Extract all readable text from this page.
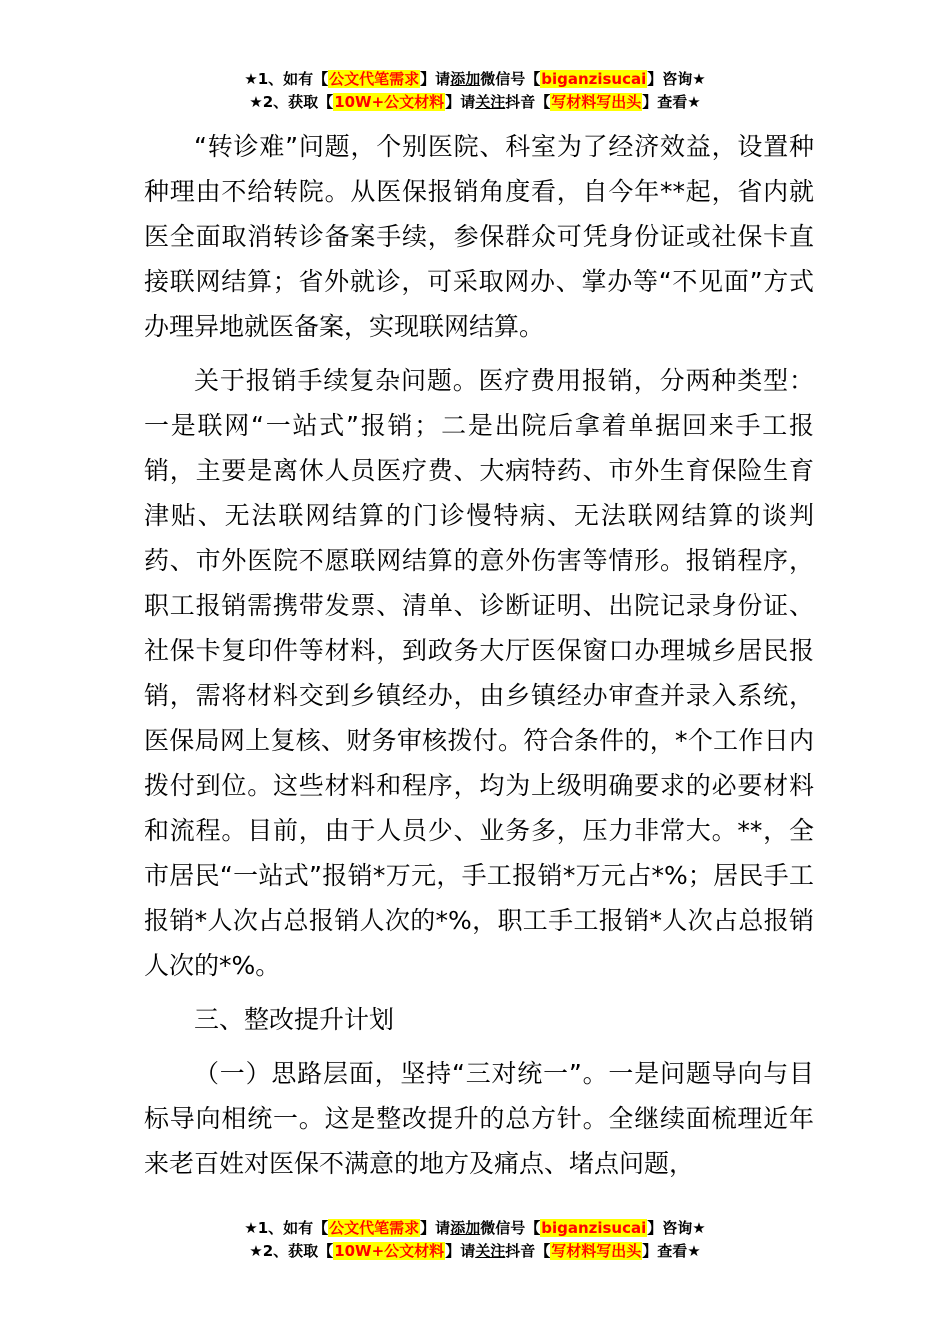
★1、如有【公文代笔需求】请添加微信号【biganzisucai】咨询★
★2、获取【10W+公文材料】请关注抖音【写材料写出头】查看★

“转诊难”问题，个别医院、科室为了经济效益，设置种种理由不给转院。从医保报销角度看，自今年**起，省内就医全面取消转诊备案手续，参保群众可凭身份证或社保卡直接联网结算；省外就诊，可采取网办、掌办等“不见面”方式办理异地就医备案，实现联网结算。

关于报销手续复杂问题。医疗费用报销，分两种类型：一是联网“一站式”报销；二是出院后拿着单据回来手工报销，主要是离休人员医疗费、大病特药、市外生育保险生育津贴、无法联网结算的门诊慢特病、无法联网结算的谈判药、市外医院不愿联网结算的意外伤害等情形。报销程序，职工报销需携带发票、清单、诊断证明、出院记录身份证、社保卡复印件等材料，到政务大厅医保窗口办理城乡居民报销，需将材料交到乡镇经办，由乡镇经办审查并录入系统，医保局网上复核、财务审核拨付。符合条件的，*个工作日内拨付到位。这些材料和程序，均为上级明确要求的必要材料和流程。目前，由于人员少、业务多，压力非常大。**，全市居民“一站式”报销*万元，手工报销*万元占*%；居民手工报销*人次占总报销人次的*%，职工手工报销*人次占总报销人次的*%。

三、整改提升计划

（一）思路层面，坚持“三对统一”。一是问题导向与目标导向相统一。这是整改提升的总方针。全继续面梳理近年来老百姓对医保不满意的地方及痛点、堵点问题，

★1、如有【公文代笔需求】请添加微信号【biganzisucai】咨询★
★2、获取【10W+公文材料】请关注抖音【写材料写出头】查看★
